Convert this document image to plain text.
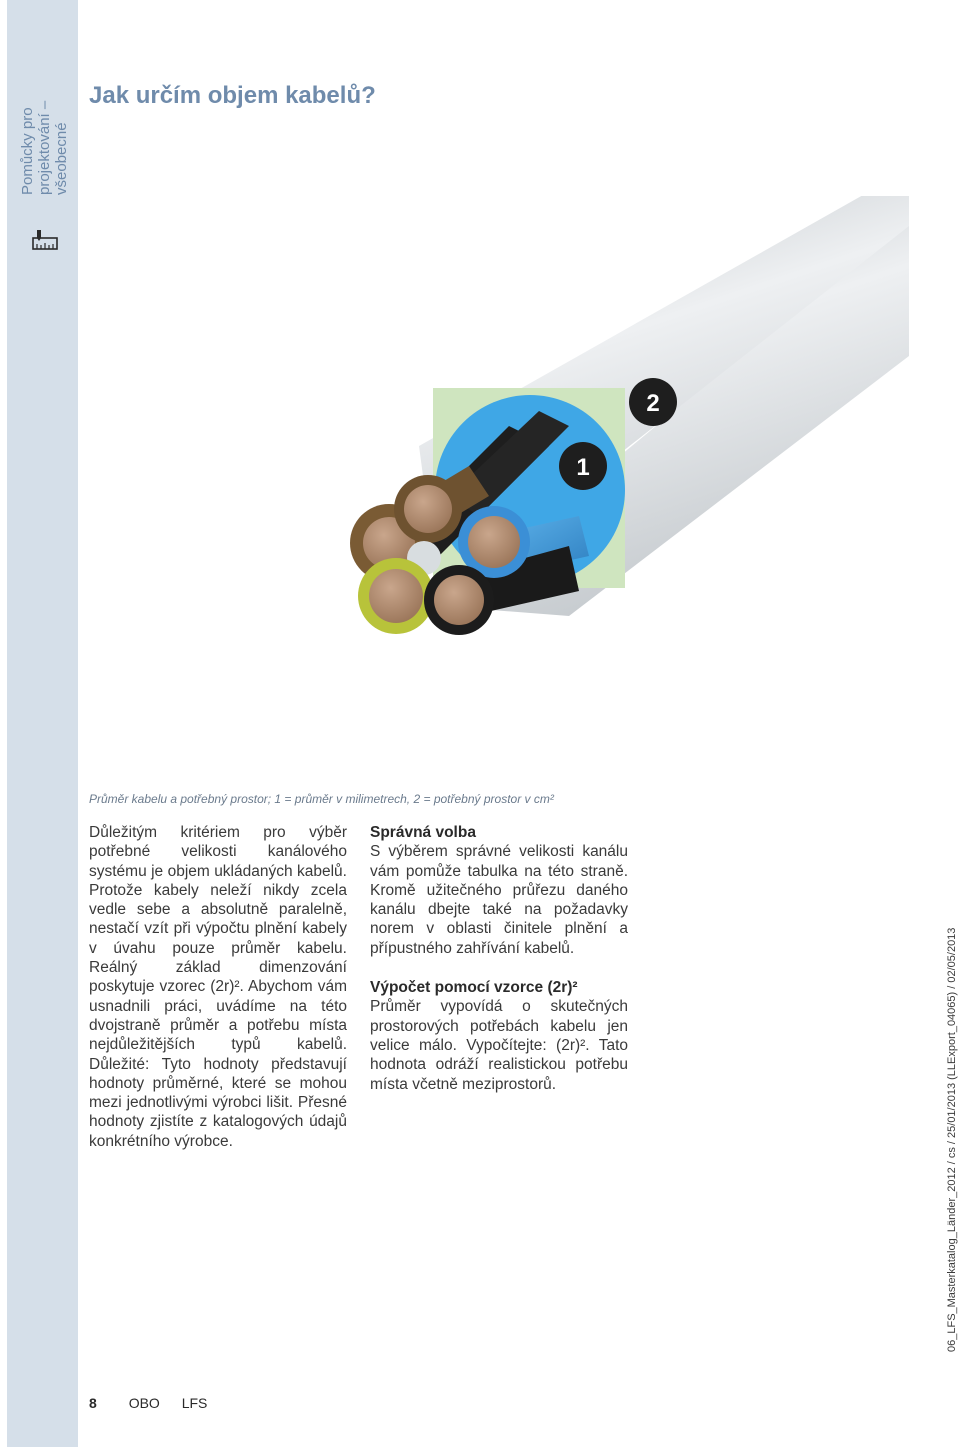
Pomůcky pro projektování – všeobecné
Jak určím objem kabelů?
1
2
Průměr kabelu a potřebný prostor; 1 = průměr v milimetrech, 2 = potřebný prostor v cm²

Důležitým kritériem pro výběr potřebné velikosti kanálového systému je objem ukládaných kabelů. Protože kabely neleží nikdy zcela vedle sebe a absolutně paralelně, nestačí vzít při výpočtu plnění kabely v úvahu pouze průměr kabelu. Reálný základ dimenzování poskytuje vzorec (2r)². Abychom vám usnadnili práci, uvádíme na této dvojstraně průměr a potřebu místa nejdůležitějších typů kabelů. Důležité: Tyto hodnoty představují hodnoty průměrné, které se mohou mezi jednotlivými výrobci lišit. Přesné hodnoty zjistíte z katalogových údajů konkrétního výrobce.

Správná volba

S výběrem správné velikosti kanálu vám pomůže tabulka na této straně. Kromě užitečného průřezu daného kanálu dbejte také na požadavky norem v oblasti činitele plnění a přípustného zahřívání kabelů.

Výpočet pomocí vzorce (2r)²

Průměr vypovídá o skutečných prostorových potřebách kabelu jen velice málo. Vypočítejte: (2r)². Tato hodnota odráží realistickou potřebu místa včetně meziprostorů.	06_LFS_Masterkatalog_Länder_2012 / cs / 25/01/2013 (LLExport_04065) / 02/05/2013
8 OBO LFS
